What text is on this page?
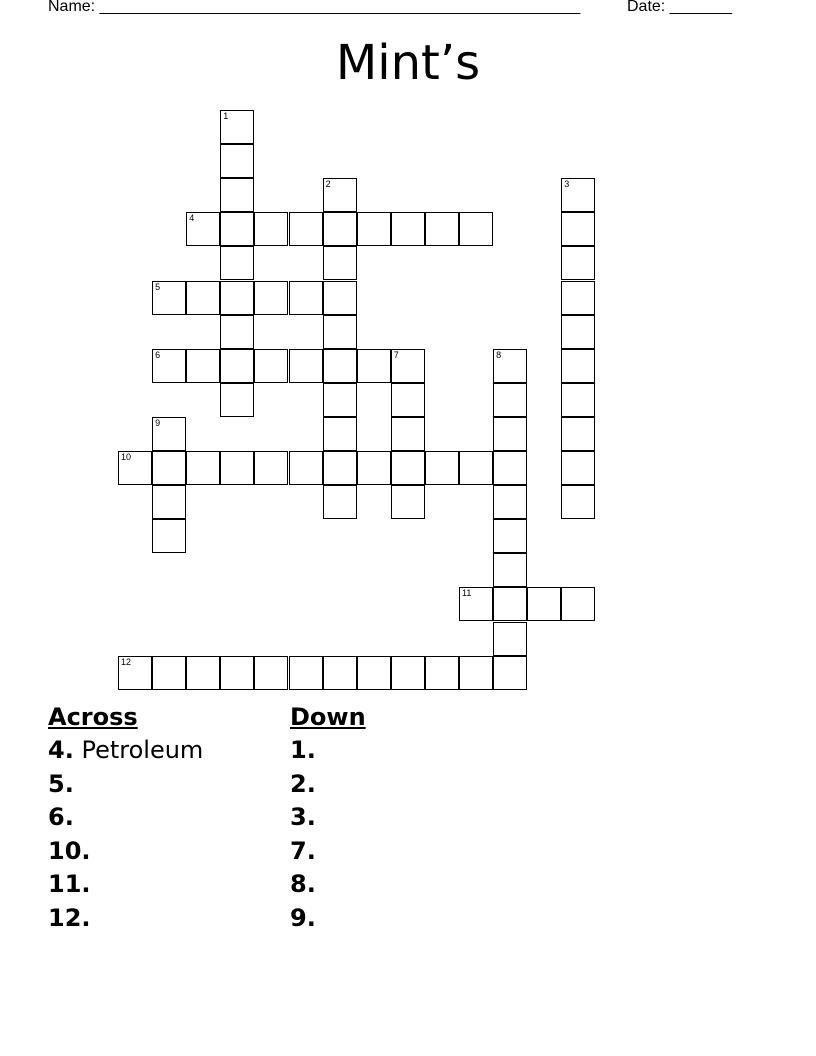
Name: ______________________________________________________	Date: _______
Mint’s
1
2	3
4
5
6	7	8
9
10
11
12
Across
4. Petroleum
5.
6.
10.
11.
12.
Down
1.
2.
3.
7.
8.
9.
